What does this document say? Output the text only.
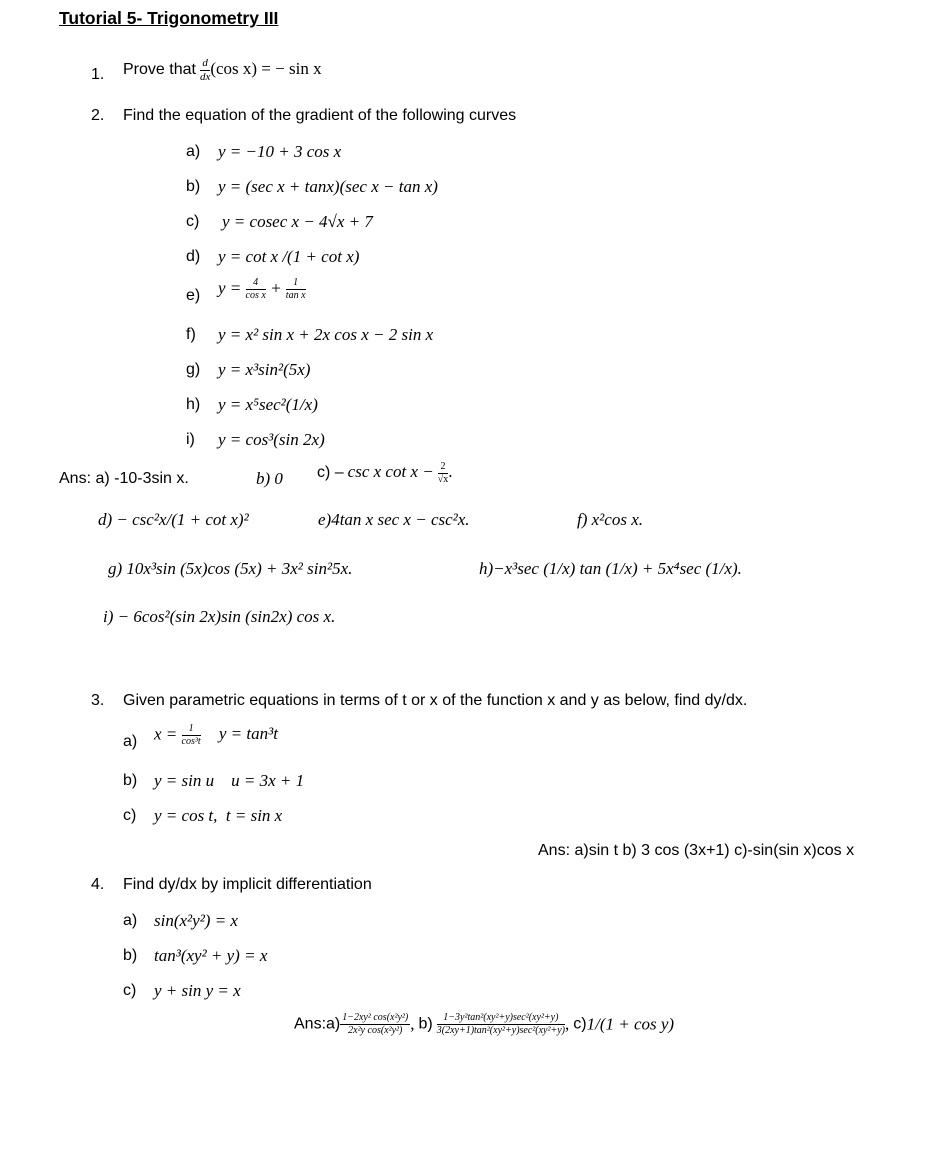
Tutorial 5- Trigonometry III
1. Prove that $\frac{d}{dx} (\cos$ x) = − sin x
2. Find the equation of the gradient of the following curves
a) y = −10 + 3 cos x
b) y = (sec x + tanx)(sec x − tan x)
c) y = cosec x − 4√x + 7
d) y = cot x /(1 + cot x)
e) $y = \frac{4}{\text{cos x}} + \frac{1}{\text{tan x}}$
f) y = x² sin x + 2x cos x − 2 sin x
g) y = x³sin²(5x)
h) y = x⁵sec²(1/x)
i) y = cos³(sin 2x)
Ans: a) -10-3sin x.	b) 0 c) – csc x $\cot x - \frac{2}{√x}$ .
d) − csc²x/(1 + cot x)²	e)4tan x sec x − csc²x.	f) x²cos x.
g) 10x³sin (5x)cos (5x) + 3x² sin²5x.	h)−x³sec (1/x) tan (1/x) + 5x⁴sec (1/x).
i) − 6cos²(sin 2x)sin (sin2x) cos x.
3. Given parametric equations in terms of t or x of the function x and y as below, find dy/dx.
a) $x = \frac{1}{\text{cos³t}}$ y = tan³t
b) y = sin u    u = 3x + 1
c) y = cos t,  t = sin x
Ans: a)sin t b) 3 cos (3x+1) c)-sin(sin x)cos x
4. Find dy/dx by implicit differentiation
a) sin(x²y²) = x
b) tan³(xy² + y) = x
c) y + sin y = x
Ans:a) $\frac{\text{1−2xy² cos(x²y²)}}{\text{2x²y cos(x²y²)}}$ , $b) \frac{\text{1−3y²tan²(xy²+y)sec²(xy²+y)}}{\text{3(2xy+1)tan²(xy²+y)sec²(xy²+y)}}$ , c)1/(1 + cos y)
